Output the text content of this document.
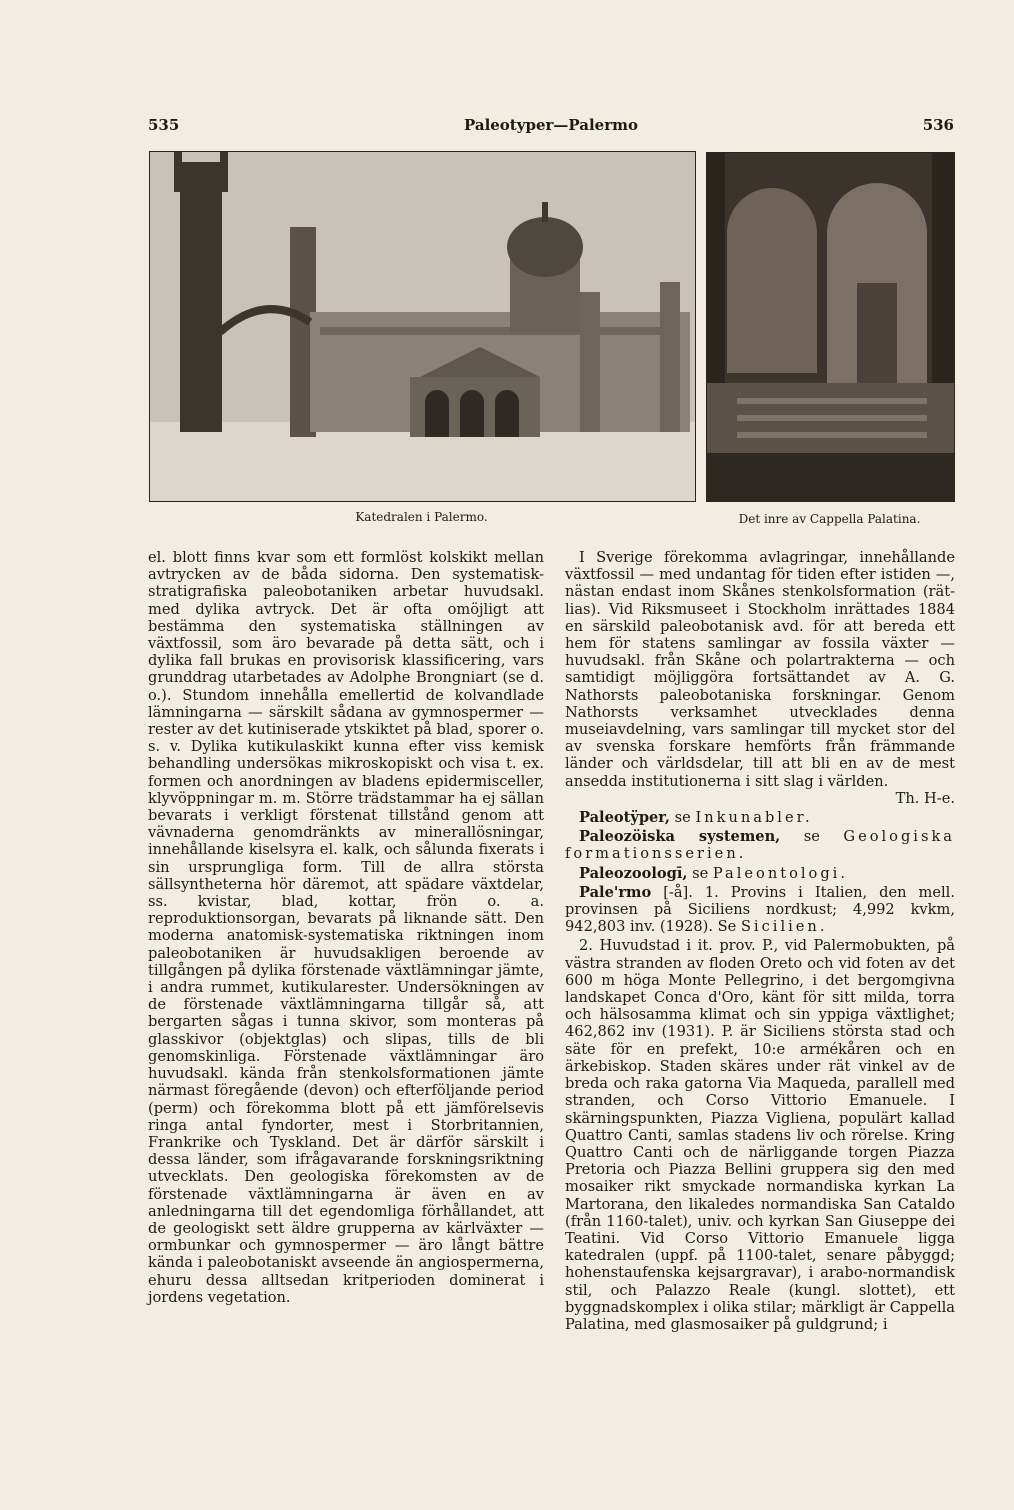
535	Paleotyper—Palermo	536
Katedralen i Palermo.	Det inre av Cappella Palatina.

el. blott finns kvar som ett formlöst kolskikt mellan avtrycken av de båda sidorna. Den systematisk-stratigrafiska paleobotaniken arbetar huvudsakl. med dylika avtryck. Det är ofta omöjligt att bestämma den systematiska ställningen av växtfossil, som äro bevarade på detta sätt, och i dylika fall brukas en provisorisk klassificering, vars grunddrag utarbetades av Adolphe Brongniart (se d. o.). Stundom innehålla emellertid de kolvandlade lämningarna — särskilt sådana av gymnospermer — rester av det kutiniserade ytskiktet på blad, sporer o. s. v. Dylika kutikulaskikt kunna efter viss kemisk behandling undersökas mikroskopiskt och visa t. ex. formen och anordningen av bladens epidermisceller, klyvöppningar m. m. Större trädstammar ha ej sällan bevarats i verkligt förstenat tillstånd genom att vävnaderna genomdränkts av minerallösningar, innehållande kiselsyra el. kalk, och sålunda fixerats i sin ursprungliga form. Till de allra största sällsyntheterna hör däremot, att spädare växtdelar, ss. kvistar, blad, kottar, frön o. a. reproduktionsorgan, bevarats på liknande sätt. Den moderna anatomisk-systematiska riktningen inom paleobotaniken är huvudsakligen beroende av tillgången på dylika förstenade växtlämningar jämte, i andra rummet, kutikularester. Undersökningen av de förstenade växtlämningarna tillgår så, att bergarten sågas i tunna skivor, som monteras på glasskivor (objektglas) och slipas, tills de bli genomskinliga. Förstenade växtlämningar äro huvudsakl. kända från stenkolsformationen jämte närmast föregående (devon) och efterföljande period (perm) och förekomma blott på ett jämförelsevis ringa antal fyndorter, mest i Storbritannien, Frankrike och Tyskland. Det är därför särskilt i dessa länder, som ifrågavarande forskningsriktning utvecklats. Den geologiska förekomsten av de förstenade växtlämningarna är även en av anledningarna till det egendomliga förhållandet, att de geologiskt sett äldre grupperna av kärlväxter — ormbunkar och gymnospermer — äro långt bättre kända i paleobotaniskt avseende än angiospermerna, ehuru dessa alltsedan kritperioden dominerat i jordens vegetation.

I Sverige förekomma avlagringar, innehållande växtfossil — med undantag för tiden efter istiden —, nästan endast inom Skånes stenkolsformation (rät-lias). Vid Riksmuseet i Stockholm inrättades 1884 en särskild paleobotanisk avd. för att bereda ett hem för statens samlingar av fossila växter — huvudsakl. från Skåne och polartrakterna — och samtidigt möjliggöra fortsättandet av A. G. Nathorsts paleobotaniska forskningar. Genom Nathorsts verksamhet utvecklades denna museiavdelning, vars samlingar till mycket stor del av svenska forskare hemförts från främmande länder och världsdelar, till att bli en av de mest ansedda institutionerna i sitt slag i världen.
Th. H-e.

Paleotÿper, se Inkunabler.

Paleozöiska systemen, se Geologiska formationsserien.

Paleozoologī, se Paleontologi.

Pale'rmo [-å]. 1. Provins i Italien, den mell. provinsen på Siciliens nordkust; 4,992 kvkm, 942,803 inv. (1928). Se Sicilien.

2. Huvudstad i it. prov. P., vid Palermobukten, på västra stranden av floden Oreto och vid foten av det 600 m höga Monte Pellegrino, i det bergomgivna landskapet Conca d'Oro, känt för sitt milda, torra och hälsosamma klimat och sin yppiga växtlighet; 462,862 inv (1931). P. är Siciliens största stad och säte för en prefekt, 10:e armékåren och en ärkebiskop. Staden skäres under rät vinkel av de breda och raka gatorna Via Maqueda, parallell med stranden, och Corso Vittorio Emanuele. I skärningspunkten, Piazza Vigliena, populärt kallad Quattro Canti, samlas stadens liv och rörelse. Kring Quattro Canti och de närliggande torgen Piazza Pretoria och Piazza Bellini gruppera sig den med mosaiker rikt smyckade normandiska kyrkan La Martorana, den likaledes normandiska San Cataldo (från 1160-talet), univ. och kyrkan San Giuseppe dei Teatini. Vid Corso Vittorio Emanuele ligga katedralen (uppf. på 1100-talet, senare påbyggd; hohenstaufenska kejsargravar), i arabo-normandisk stil, och Palazzo Reale (kungl. slottet), ett byggnadskomplex i olika stilar; märkligt är Cappella Palatina, med glasmosaiker på guldgrund; i
